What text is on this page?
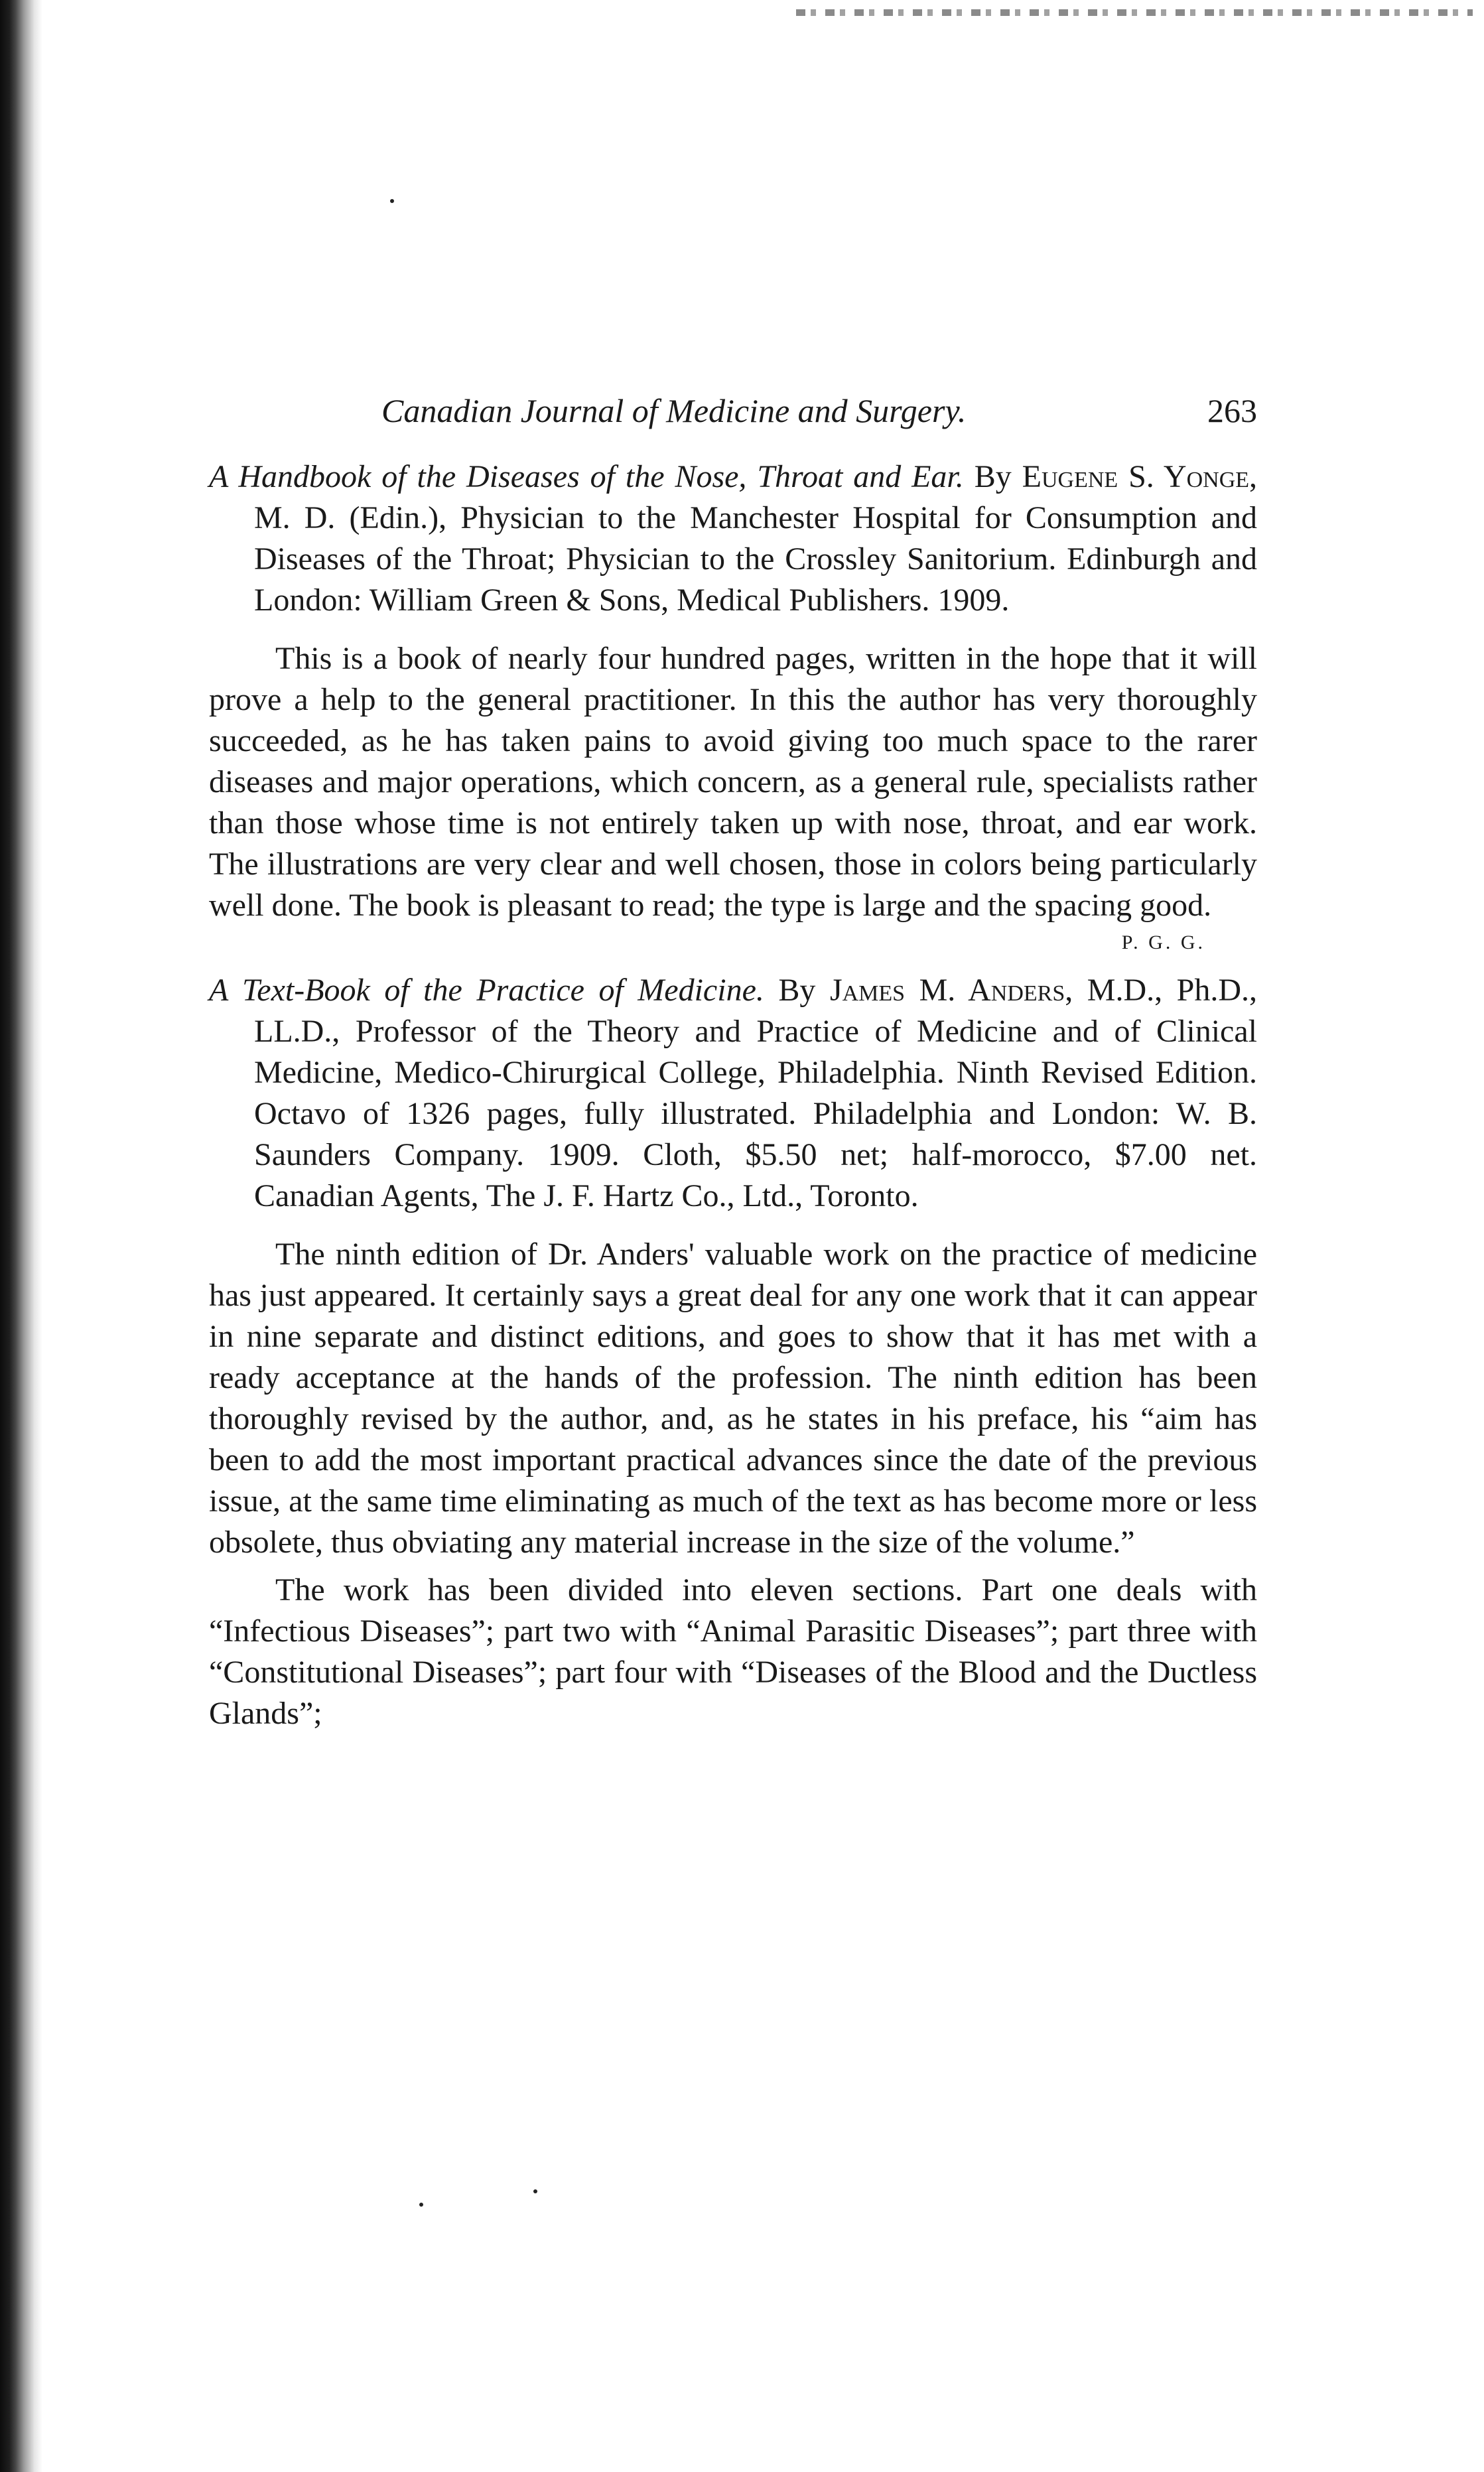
Canadian Journal of Medicine and Surgery.	263

A Handbook of the Diseases of the Nose, Throat and Ear. By Eugene S. Yonge, M. D. (Edin.), Physician to the Manchester Hospital for Consumption and Diseases of the Throat; Physician to the Crossley Sanitorium. Edinburgh and London: William Green & Sons, Medical Publishers. 1909.

This is a book of nearly four hundred pages, written in the hope that it will prove a help to the general practitioner. In this the author has very thoroughly succeeded, as he has taken pains to avoid giving too much space to the rarer diseases and major operations, which concern, as a general rule, specialists rather than those whose time is not entirely taken up with nose, throat, and ear work. The illustrations are very clear and well chosen, those in colors being particularly well done. The book is pleasant to read; the type is large and the spacing good.

P. G. G.

A Text-Book of the Practice of Medicine. By James M. Anders, M.D., Ph.D., LL.D., Professor of the Theory and Practice of Medicine and of Clinical Medicine, Medico-Chirurgical College, Philadelphia. Ninth Revised Edition. Octavo of 1326 pages, fully illustrated. Philadelphia and London: W. B. Saunders Company. 1909. Cloth, $5.50 net; half-morocco, $7.00 net. Canadian Agents, The J. F. Hartz Co., Ltd., Toronto.

The ninth edition of Dr. Anders' valuable work on the practice of medicine has just appeared. It certainly says a great deal for any one work that it can appear in nine separate and distinct editions, and goes to show that it has met with a ready acceptance at the hands of the profession. The ninth edition has been thoroughly revised by the author, and, as he states in his preface, his “aim has been to add the most important practical advances since the date of the previous issue, at the same time eliminating as much of the text as has become more or less obsolete, thus obviating any material increase in the size of the volume.”

The work has been divided into eleven sections. Part one deals with “Infectious Diseases”; part two with “Animal Parasitic Diseases”; part three with “Constitutional Diseases”; part four with “Diseases of the Blood and the Ductless Glands”;
